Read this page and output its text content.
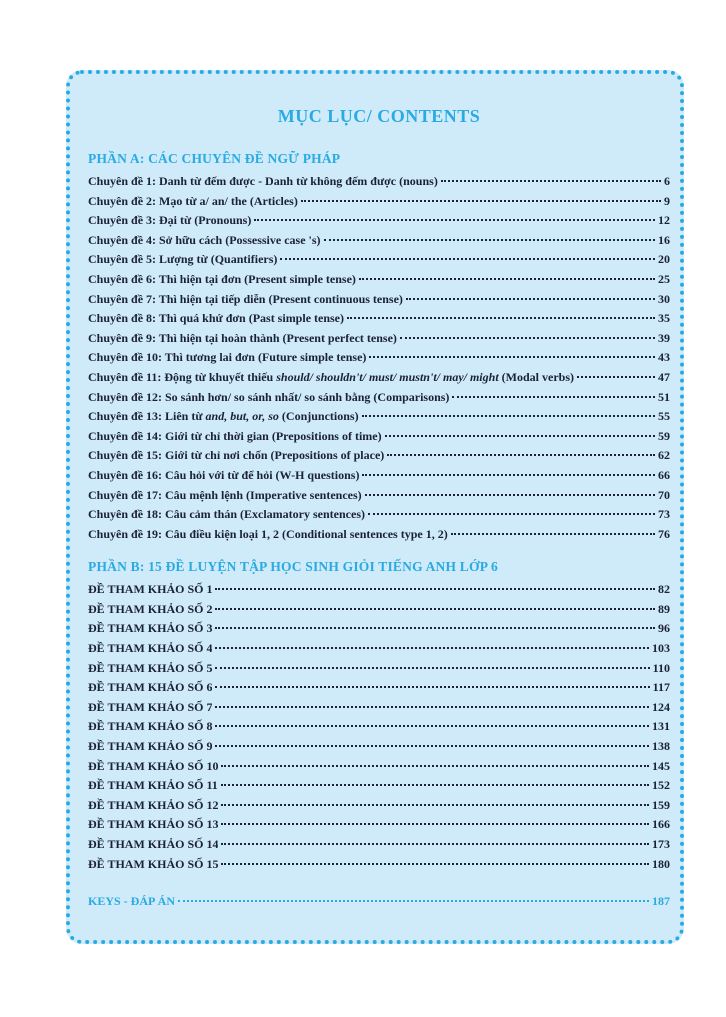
MỤC LỤC/ CONTENTS
PHẦN A: CÁC CHUYÊN ĐỀ NGỮ PHÁP
Chuyên đề 1: Danh từ đếm được - Danh từ không đếm được (nouns)	6
Chuyên đề 2: Mạo từ a/ an/ the (Articles)	9
Chuyên đề 3: Đại từ (Pronouns)	12
Chuyên đề 4: Sở hữu cách (Possessive case 's)	16
Chuyên đề 5: Lượng từ (Quantifiers)	20
Chuyên đề 6: Thì hiện tại đơn (Present simple tense)	25
Chuyên đề 7: Thì hiện tại tiếp diễn (Present continuous tense)	30
Chuyên đề 8: Thì quá khứ đơn (Past simple tense)	35
Chuyên đề 9: Thì hiện tại hoàn thành (Present perfect tense)	39
Chuyên đề 10: Thì tương lai đơn (Future simple tense)	43
Chuyên đề 11: Động từ khuyết thiếu should/ shouldn't/ must/ mustn't/ may/ might (Modal verbs)	47
Chuyên đề 12: So sánh hơn/ so sánh nhất/ so sánh bằng (Comparisons)	51
Chuyên đề 13: Liên từ and, but, or, so (Conjunctions)	55
Chuyên đề 14: Giới từ chỉ thời gian (Prepositions of time)	59
Chuyên đề 15: Giới từ chỉ nơi chốn (Prepositions of place)	62
Chuyên đề 16: Câu hỏi với từ để hỏi (W-H questions)	66
Chuyên đề 17: Câu mệnh lệnh (Imperative sentences)	70
Chuyên đề 18: Câu cảm thán (Exclamatory sentences)	73
Chuyên đề 19: Câu điều kiện loại 1, 2 (Conditional sentences type 1, 2)	76
PHẦN B: 15 ĐỀ LUYỆN TẬP HỌC SINH GIỎI TIẾNG ANH LỚP 6
ĐỀ THAM KHẢO SỐ 1	82
ĐỀ THAM KHẢO SỐ 2	89
ĐỀ THAM KHẢO SỐ 3	96
ĐỀ THAM KHẢO SỐ 4	103
ĐỀ THAM KHẢO SỐ 5	110
ĐỀ THAM KHẢO SỐ 6	117
ĐỀ THAM KHẢO SỐ 7	124
ĐỀ THAM KHẢO SỐ 8	131
ĐỀ THAM KHẢO SỐ 9	138
ĐỀ THAM KHẢO SỐ 10	145
ĐỀ THAM KHẢO SỐ 11	152
ĐỀ THAM KHẢO SỐ 12	159
ĐỀ THAM KHẢO SỐ 13	166
ĐỀ THAM KHẢO SỐ 14	173
ĐỀ THAM KHẢO SỐ 15	180
KEYS - ĐÁP ÁN	187
